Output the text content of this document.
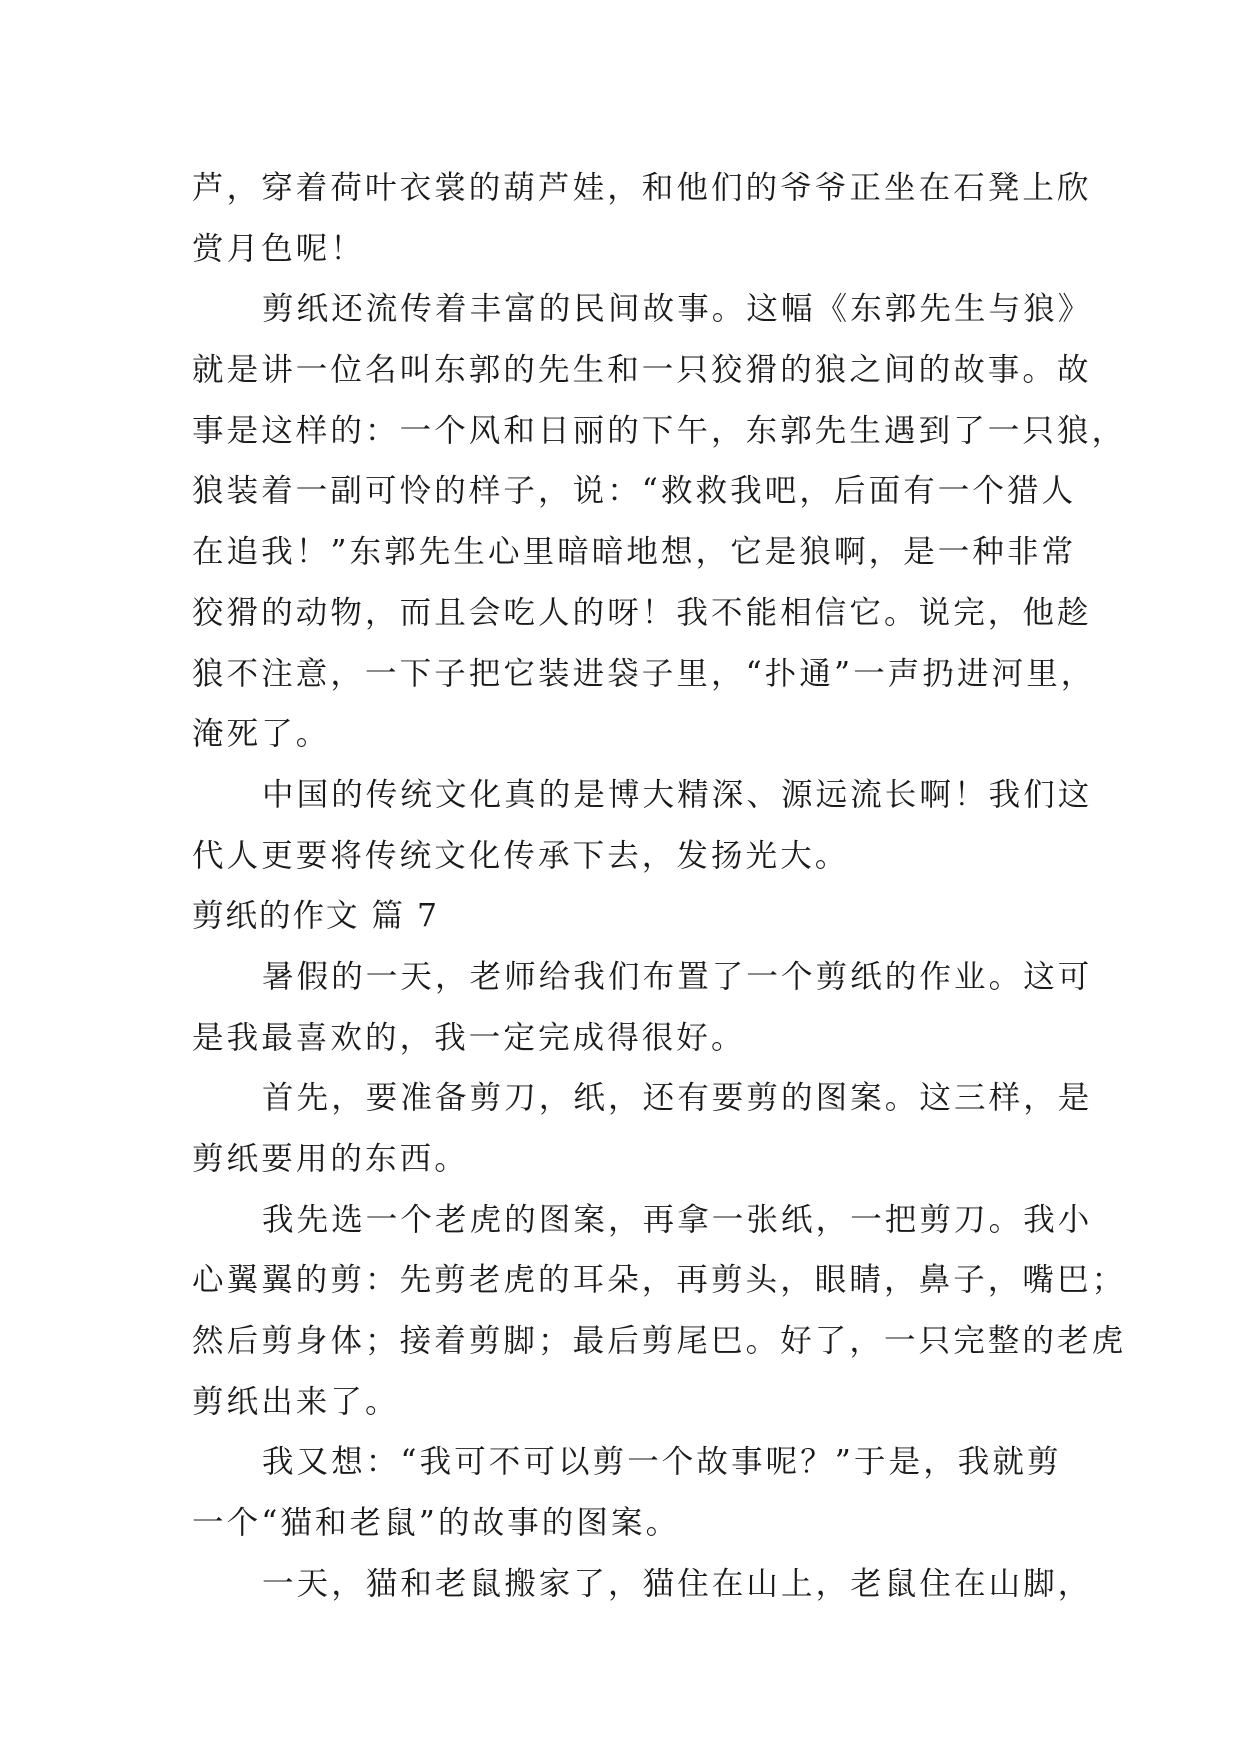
芦，穿着荷叶衣裳的葫芦娃，和他们的爷爷正坐在石凳上欣
赏月色呢！
剪纸还流传着丰富的民间故事。这幅《东郭先生与狼》
就是讲一位名叫东郭的先生和一只狡猾的狼之间的故事。故
事是这样的：一个风和日丽的下午，东郭先生遇到了一只狼，
狼装着一副可怜的样子，说：“救救我吧，后面有一个猎人
在追我！”东郭先生心里暗暗地想，它是狼啊，是一种非常
狡猾的动物，而且会吃人的呀！我不能相信它。说完，他趁
狼不注意，一下子把它装进袋子里，“扑通”一声扔进河里，
淹死了。
中国的传统文化真的是博大精深、源远流长啊！我们这
代人更要将传统文化传承下去，发扬光大。
剪纸的作文 篇 7
暑假的一天，老师给我们布置了一个剪纸的作业。这可
是我最喜欢的，我一定完成得很好。
首先，要准备剪刀，纸，还有要剪的图案。这三样，是
剪纸要用的东西。
我先选一个老虎的图案，再拿一张纸，一把剪刀。我小
心翼翼的剪：先剪老虎的耳朵，再剪头，眼睛，鼻子，嘴巴；
然后剪身体；接着剪脚；最后剪尾巴。好了，一只完整的老虎
剪纸出来了。
我又想：“我可不可以剪一个故事呢？”于是，我就剪
一个“猫和老鼠”的故事的图案。
一天，猫和老鼠搬家了，猫住在山上，老鼠住在山脚，
